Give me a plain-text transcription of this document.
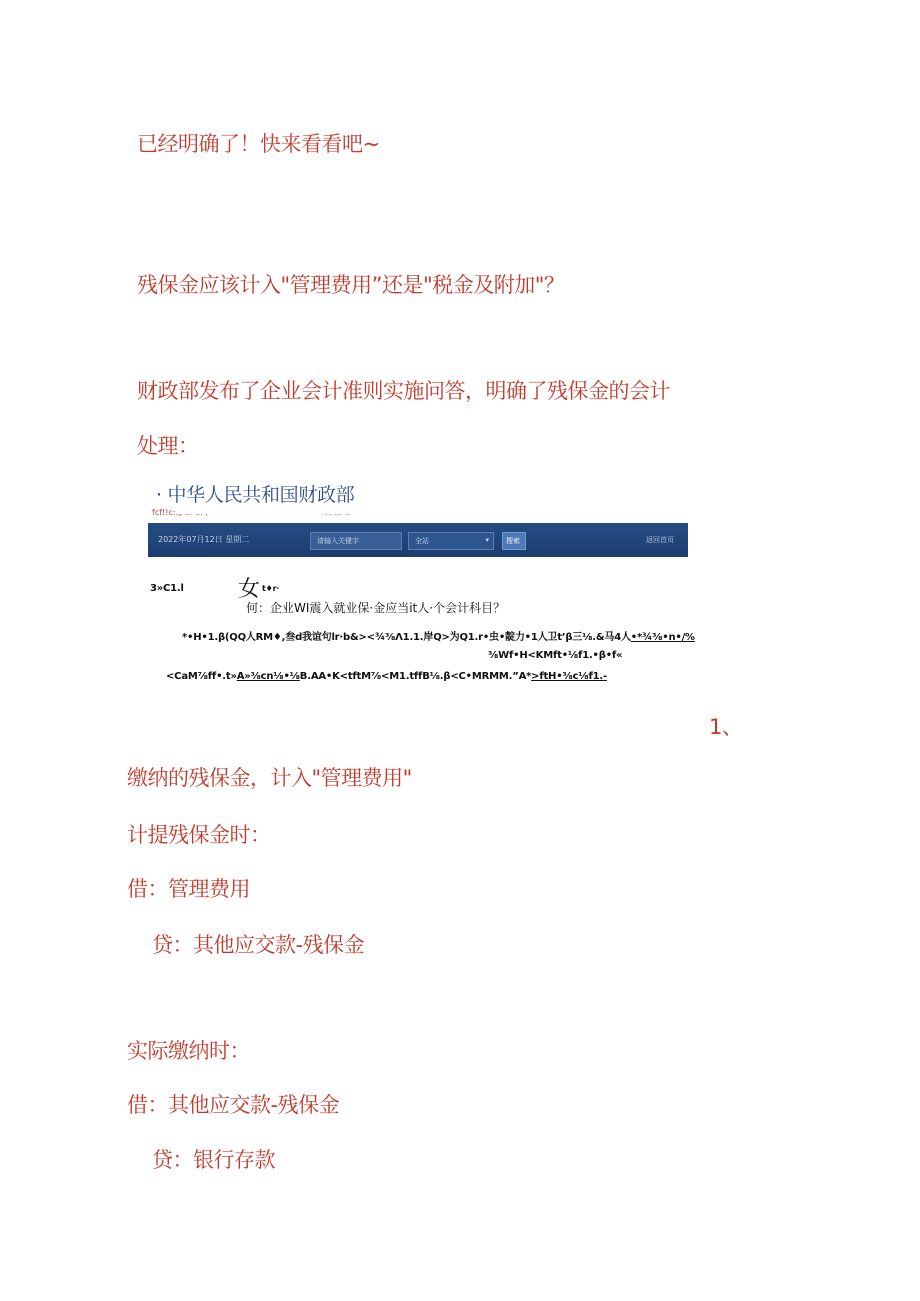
已经明确了！快来看看吧~
残保金应该计入"管理费用”还是"税金及附加"？
财政部发布了企业会计准则实施问答，明确了残保金的会计
处理：
· 中华人民共和国财政部
fcf!!c:.„ ... ... ,	… ... ..
2022年07月12日 星期二	请输入关键字	全站	▾ 搜索	返回首页
3»C1.l 女 t♦r·
何：企业WI震入就业保·金应当it人·个会计科目？
*•H•1.β(QQ人RM♦,叁d我谊句lr·b&><¾⅜Λ1.1.岸Q>为Q1.r•虫•靛力•1人卫t’β三⅛.&马4人•*¾⅜•n•/%
⅜Wf•H<KMft•⅛f1.•β•f«
<CaM⅞ff•.t»A»⅜cn⅛•⅛B.AA•K<tftM⅞<M1.tffB⅛.β<C•MRMM.”A*>ftH•⅜c⅛f1.-
1、
缴纳的残保金，计入"管理费用"
计提残保金时：
借：管理费用
贷：其他应交款-残保金
实际缴纳时：
借：其他应交款-残保金
贷：银行存款
